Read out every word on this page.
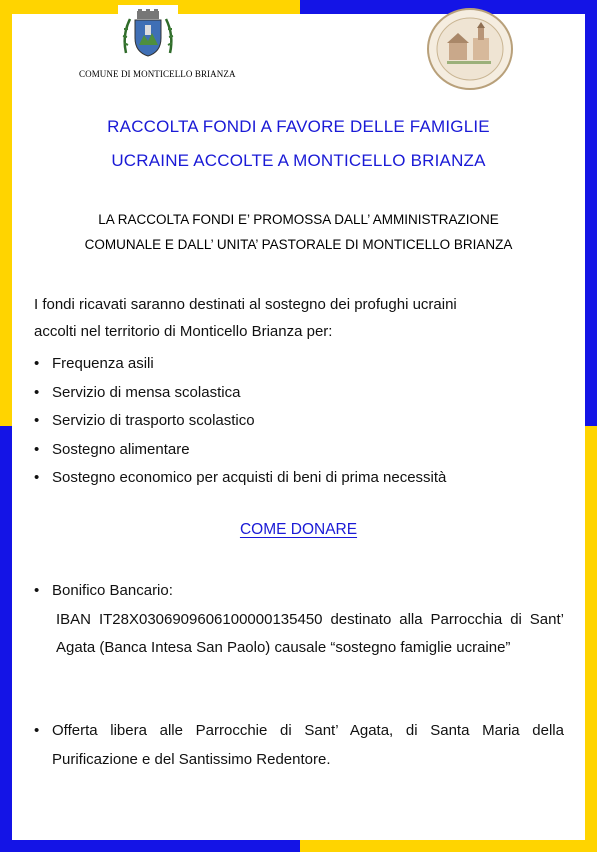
COMUNE DI MONTICELLO BRIANZA
RACCOLTA FONDI A FAVORE DELLE FAMIGLIE
UCRAINE ACCOLTE A MONTICELLO BRIANZA
LA RACCOLTA FONDI E’ PROMOSSA DALL’ AMMINISTRAZIONE
COMUNALE E DALL’ UNITA’ PASTORALE DI MONTICELLO BRIANZA
I fondi ricavati saranno destinati al sostegno dei profughi ucraini
accolti nel territorio di Monticello Brianza per:
• Frequenza asili
• Servizio di mensa scolastica
• Servizio di trasporto scolastico
• Sostegno alimentare
• Sostegno economico per acquisti di beni di prima necessità
COME DONARE
• Bonifico Bancario:
IBAN IT28X0306909606100000135450 destinato alla Parrocchia di Sant’ Agata (Banca Intesa San Paolo) causale “sostegno famiglie ucraine”
• Offerta libera alle Parrocchie di Sant’ Agata, di Santa Maria della Purificazione e del Santissimo Redentore.
